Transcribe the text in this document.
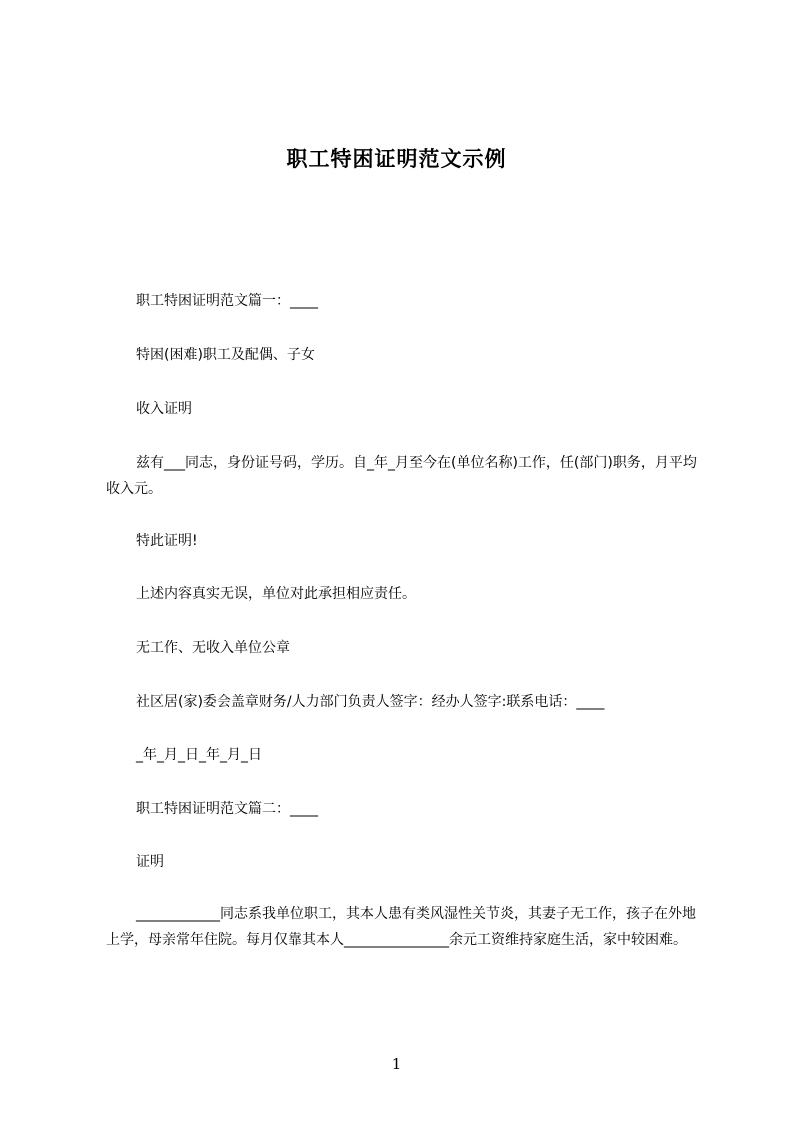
职工特困证明范文示例
职工特困证明范文篇一：____
特困(困难)职工及配偶、子女
收入证明
兹有___同志，身份证号码，学历。自_年_月至今在(单位名称)工作，任(部门)职务，月平均收入元。
特此证明!
上述内容真实无误，单位对此承担相应责任。
无工作、无收入单位公章
社区居(家)委会盖章财务/人力部门负责人签字：经办人签字:联系电话：____
_年_月_日_年_月_日
职工特困证明范文篇二：____
证明
____________同志系我单位职工，其本人患有类风湿性关节炎，其妻子无工作，孩子在外地上学，母亲常年住院。每月仅靠其本人_______________余元工资维持家庭生活，家中较困难。
1
